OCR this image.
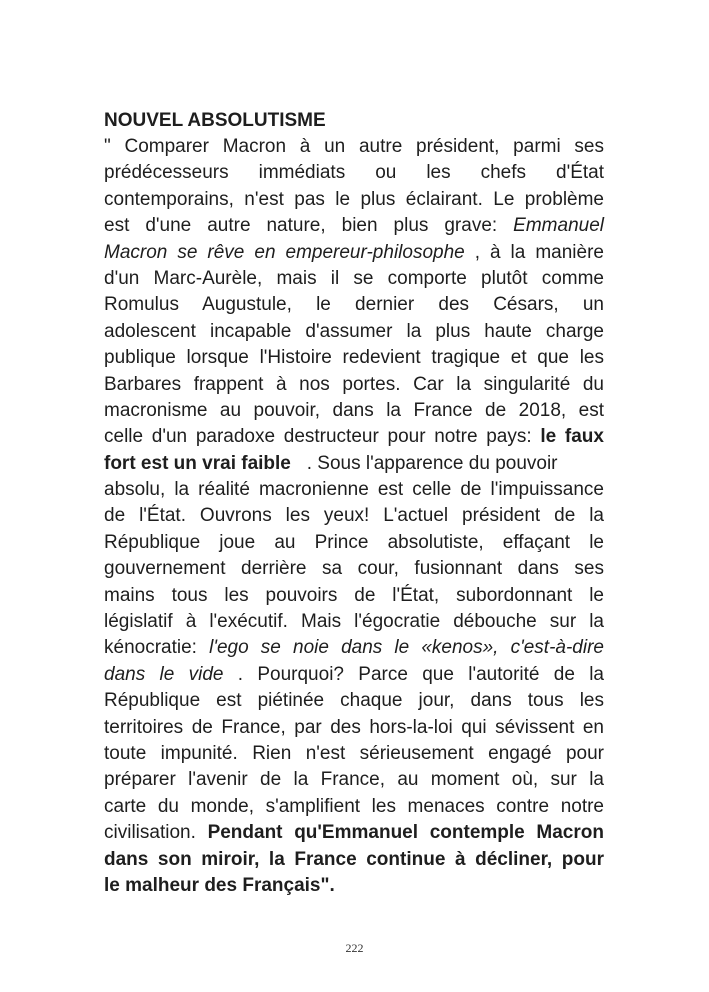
NOUVEL ABSOLUTISME
" Comparer Macron à un autre président, parmi ses
prédécesseurs immédiats ou les chefs d'État
contemporains, n'est pas le plus éclairant. Le problème
est d'une autre nature, bien plus grave: Emmanuel
Macron se rêve en empereur-philosophe , à la manière
d'un Marc-Aurèle, mais il se comporte plutôt comme
Romulus Augustule, le dernier des Césars, un
adolescent incapable d'assumer la plus haute charge
publique lorsque l'Histoire redevient tragique et que les
Barbares frappent à nos portes. Car la singularité du
macronisme au pouvoir, dans la France de 2018, est
celle d'un paradoxe destructeur pour notre pays: le faux
fort est un vrai faible   . Sous l'apparence du pouvoir
absolu, la réalité macronienne est celle de l'impuissance
de l'État. Ouvrons les yeux! L'actuel président de la
République joue au Prince absolutiste, effaçant le
gouvernement derrière sa cour, fusionnant dans ses
mains tous les pouvoirs de l'État, subordonnant le
législatif à l'exécutif. Mais l'égocratie débouche sur la
kénocratie: l'ego se noie dans le «kenos», c'est-à-dire
dans le vide . Pourquoi? Parce que l'autorité de la
République est piétinée chaque jour, dans tous les
territoires de France, par des hors-la-loi qui sévissent en
toute impunité. Rien n'est sérieusement engagé pour
préparer l'avenir de la France, au moment où, sur la
carte du monde, s'amplifient les menaces contre notre
civilisation. Pendant qu'Emmanuel contemple Macron
dans son miroir, la France continue à décliner, pour
le malheur des Français".
222
